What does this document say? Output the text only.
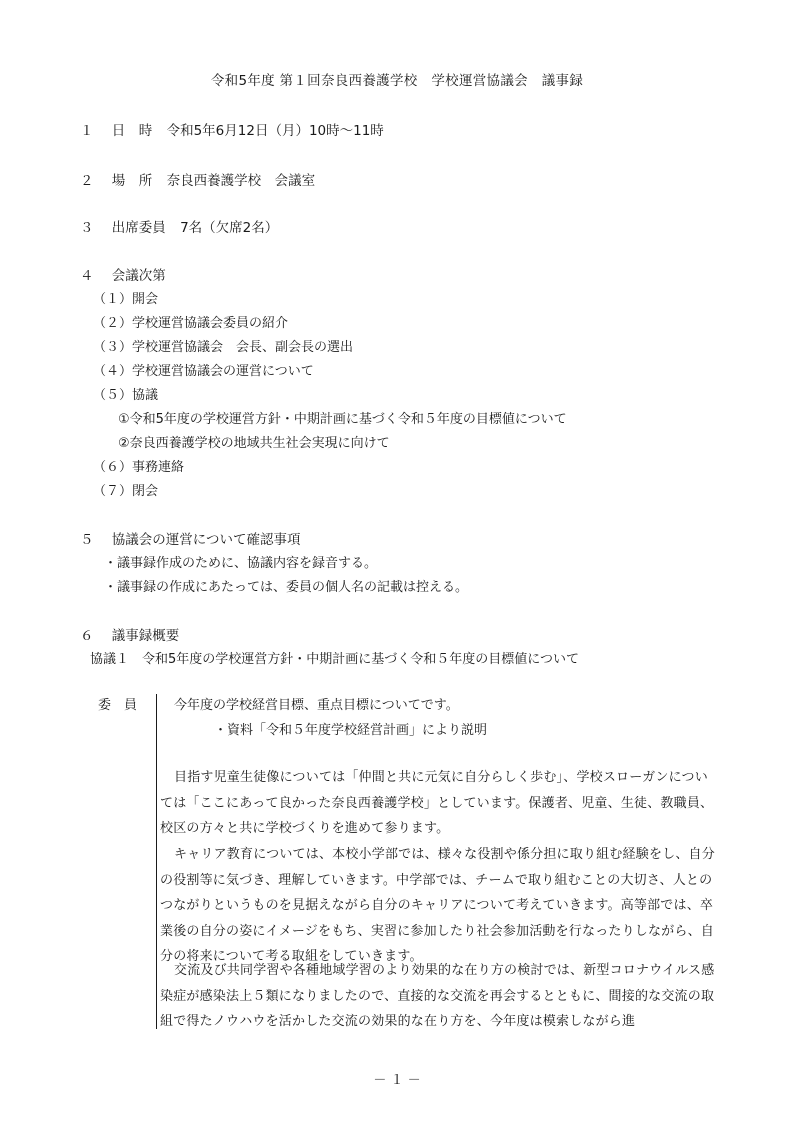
令和5年度 第１回奈良西養護学校　学校運営協議会　議事録
１ 日　時 令和5年6月12日（月）10時～11時
２ 場　所 奈良西養護学校　会議室
３ 出席委員 7名（欠席2名）
４ 会議次第
（１）開会
（２）学校運営協議会委員の紹介
（３）学校運営協議会　会長、副会長の選出
（４）学校運営協議会の運営について
（５）協議
①令和5年度の学校運営方針・中期計画に基づく令和５年度の目標値について
②奈良西養護学校の地域共生社会実現に向けて
（６）事務連絡
（７）閉会
５ 協議会の運営について確認事項
・議事録作成のために、協議内容を録音する。
・議事録の作成にあたっては、委員の個人名の記載は控える。
６ 議事録概要
協議１　令和5年度の学校運営方針・中期計画に基づく令和５年度の目標値について
委　員	今年度の学校経営目標、重点目標についてです。
・資料「令和５年度学校経営計画」により説明

目指す児童生徒像については「仲間と共に元気に自分らしく歩む」、学校スローガンについては「ここにあって良かった奈良西養護学校」としています。保護者、児童、生徒、教職員、校区の方々と共に学校づくりを進めて参ります。

キャリア教育については、本校小学部では、様々な役割や係分担に取り組む経験をし、自分の役割等に気づき、理解していきます。中学部では、チームで取り組むことの大切さ、人とのつながりというものを見据えながら自分のキャリアについて考えていきます。高等部では、卒業後の自分の姿にイメージをもち、実習に参加したり社会参加活動を行なったりしながら、自分の将来について考る取組をしていきます。

交流及び共同学習や各種地域学習のより効果的な在り方の検討では、新型コロナウイルス感染症が感染法上５類になりましたので、直接的な交流を再会するとともに、間接的な交流の取組で得たノウハウを活かした交流の効果的な在り方を、今年度は模索しながら進

－ １ －
